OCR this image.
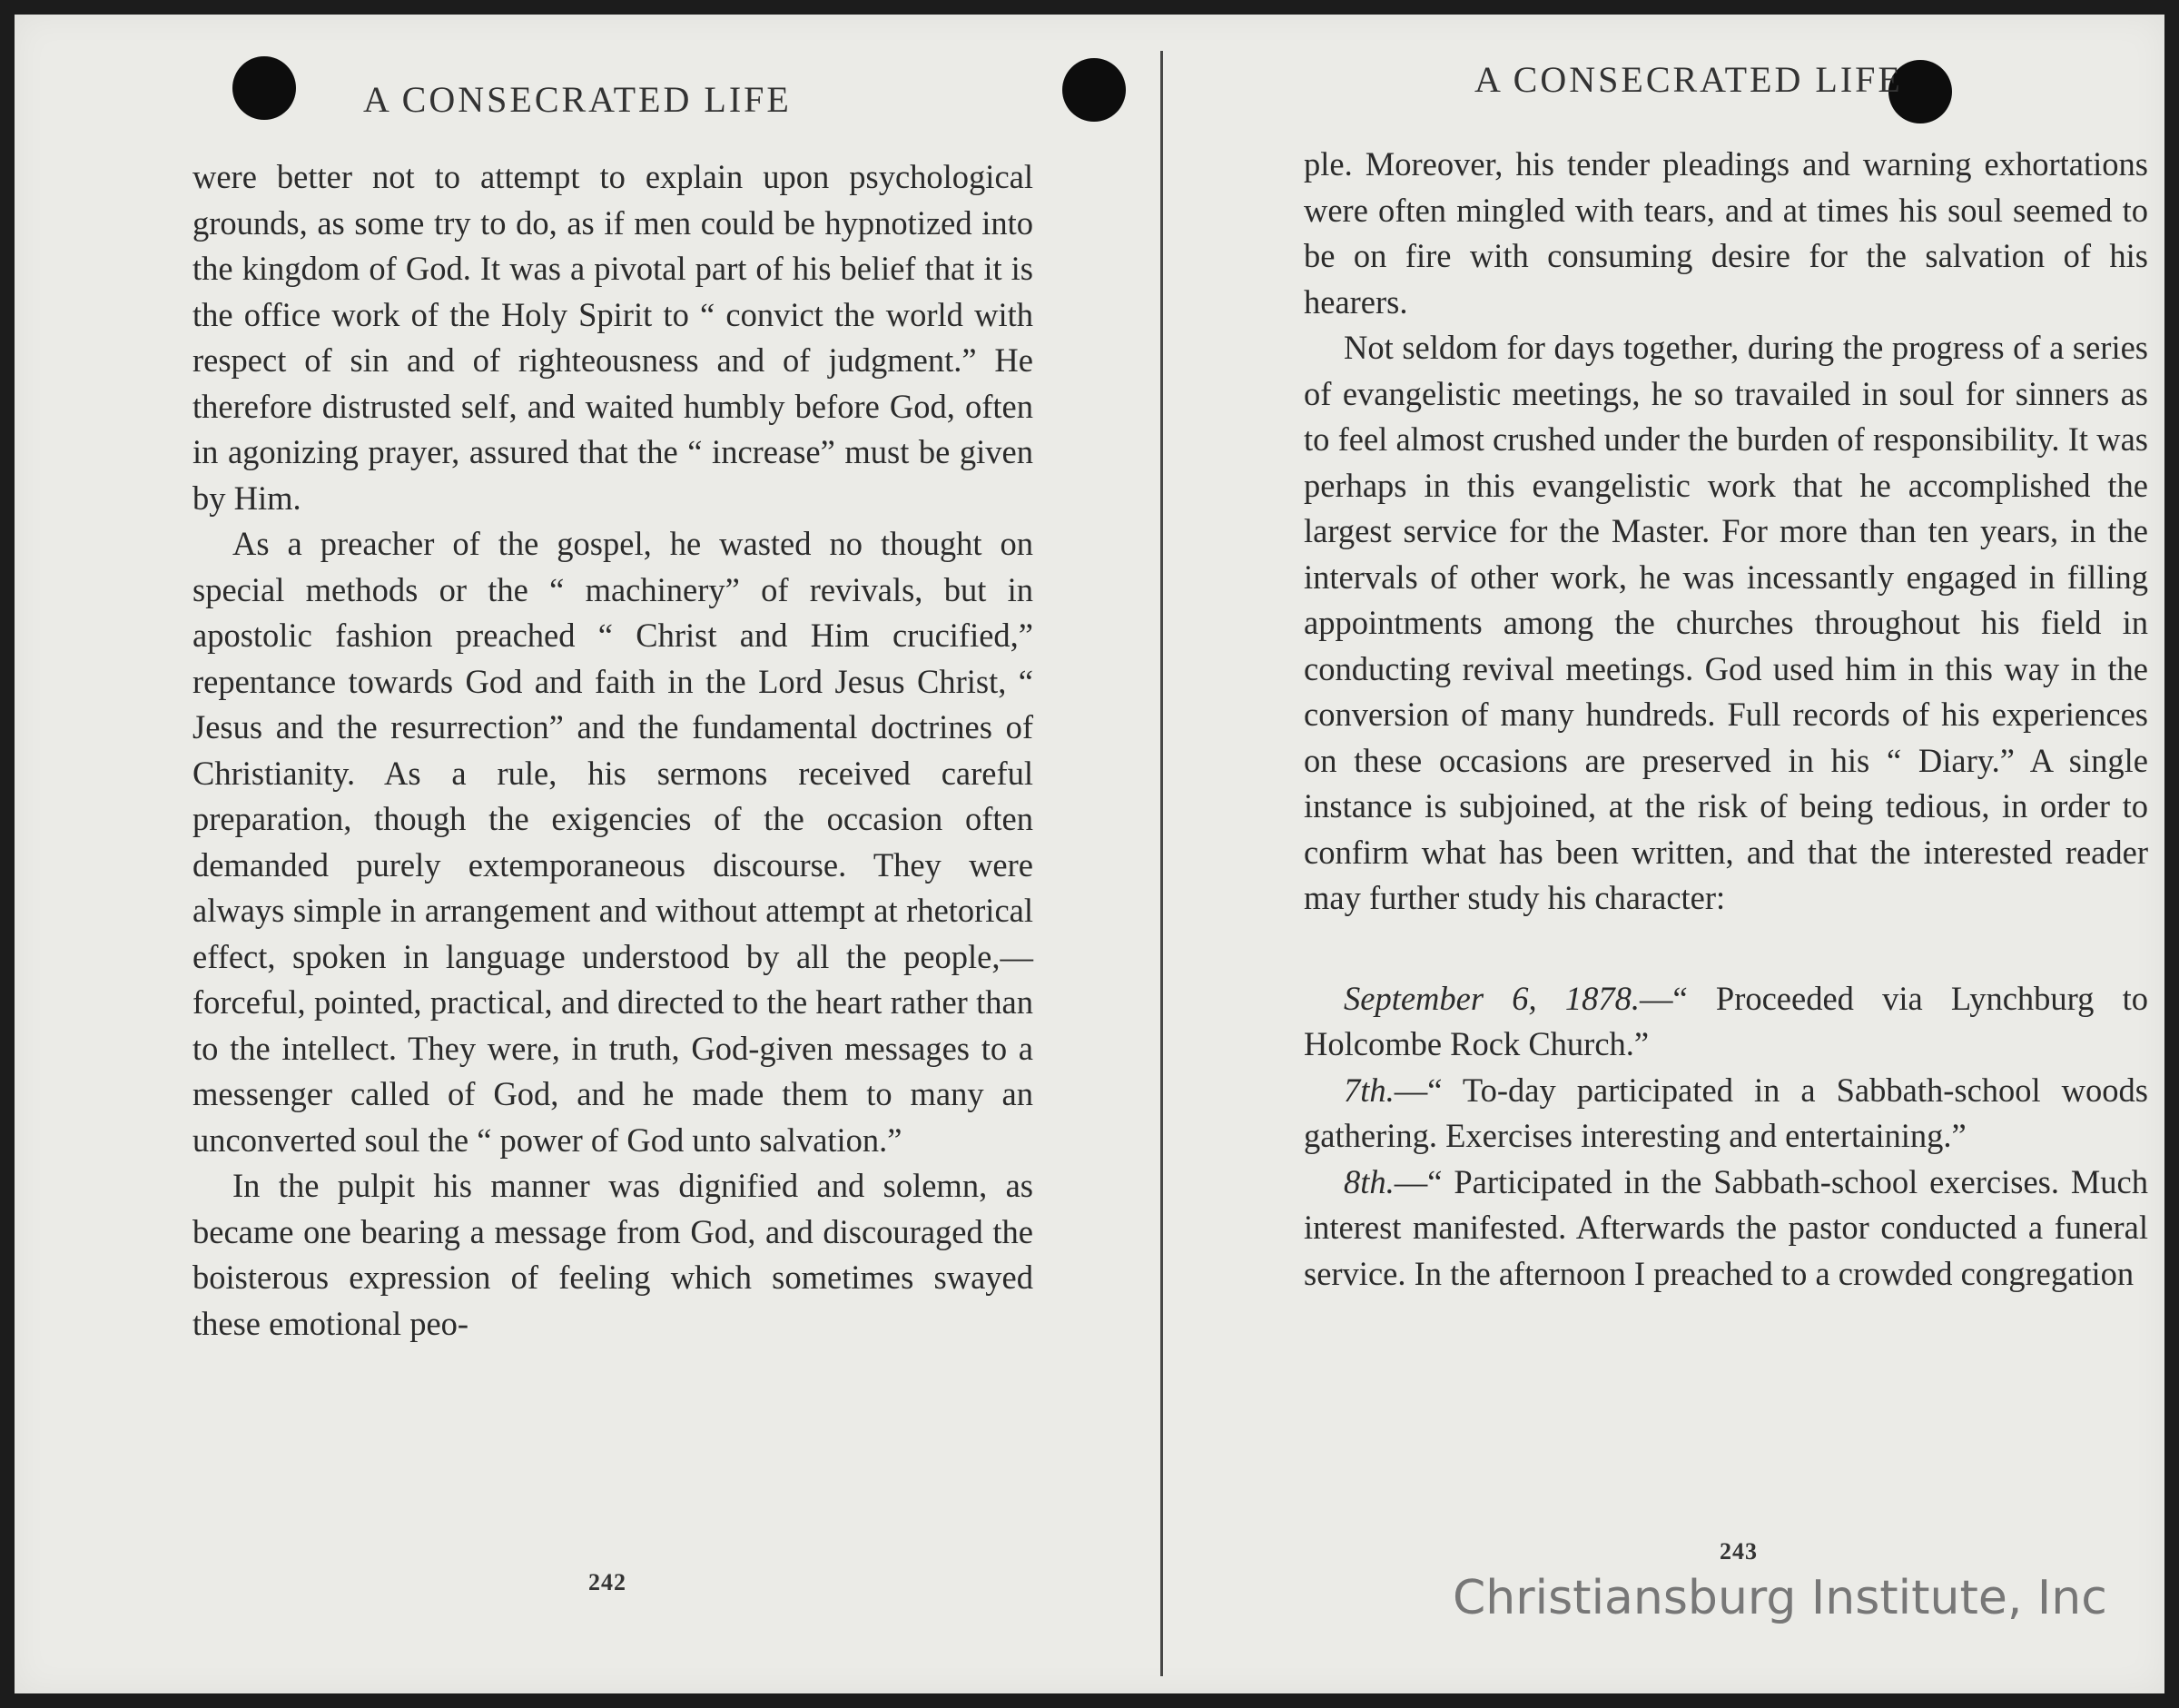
A CONSECRATED LIFE

were better not to attempt to explain upon psychological grounds, as some try to do, as if men could be hypnotized into the kingdom of God. It was a pivotal part of his belief that it is the office work of the Holy Spirit to “ convict the world with respect of sin and of righteousness and of judgment.” He therefore distrusted self, and waited humbly before God, often in agonizing prayer, assured that the “ increase” must be given by Him.

As a preacher of the gospel, he wasted no thought on special methods or the “ machinery” of revivals, but in apostolic fashion preached “ Christ and Him crucified,” repentance towards God and faith in the Lord Jesus Christ, “ Jesus and the resurrection” and the fundamental doctrines of Christianity. As a rule, his sermons received careful preparation, though the exigencies of the occasion often demanded purely extemporaneous discourse. They were always simple in arrangement and without attempt at rhetorical effect, spoken in language understood by all the people,—forceful, pointed, practical, and directed to the heart rather than to the intellect. They were, in truth, God-given messages to a messenger called of God, and he made them to many an unconverted soul the “ power of God unto salvation.”

In the pulpit his manner was dignified and solemn, as became one bearing a message from God, and discouraged the boisterous expression of feeling which sometimes swayed these emotional peo-

242
A CONSECRATED LIFE

ple. Moreover, his tender pleadings and warning exhortations were often mingled with tears, and at times his soul seemed to be on fire with consuming desire for the salvation of his hearers.

Not seldom for days together, during the progress of a series of evangelistic meetings, he so travailed in soul for sinners as to feel almost crushed under the burden of responsibility. It was perhaps in this evangelistic work that he accomplished the largest service for the Master. For more than ten years, in the intervals of other work, he was incessantly engaged in filling appointments among the churches throughout his field in conducting revival meetings. God used him in this way in the conversion of many hundreds. Full records of his experiences on these occasions are preserved in his “ Diary.” A single instance is subjoined, at the risk of being tedious, in order to confirm what has been written, and that the interested reader may further study his character:

September 6, 1878.—“ Proceeded via Lynchburg to Holcombe Rock Church.”

7th.—“ To-day participated in a Sabbath-school woods gathering. Exercises interesting and entertaining.”

8th.—“ Participated in the Sabbath-school exercises. Much interest manifested. Afterwards the pastor conducted a funeral service. In the afternoon I preached to a crowded congregation

243
Christiansburg Institute, Inc
